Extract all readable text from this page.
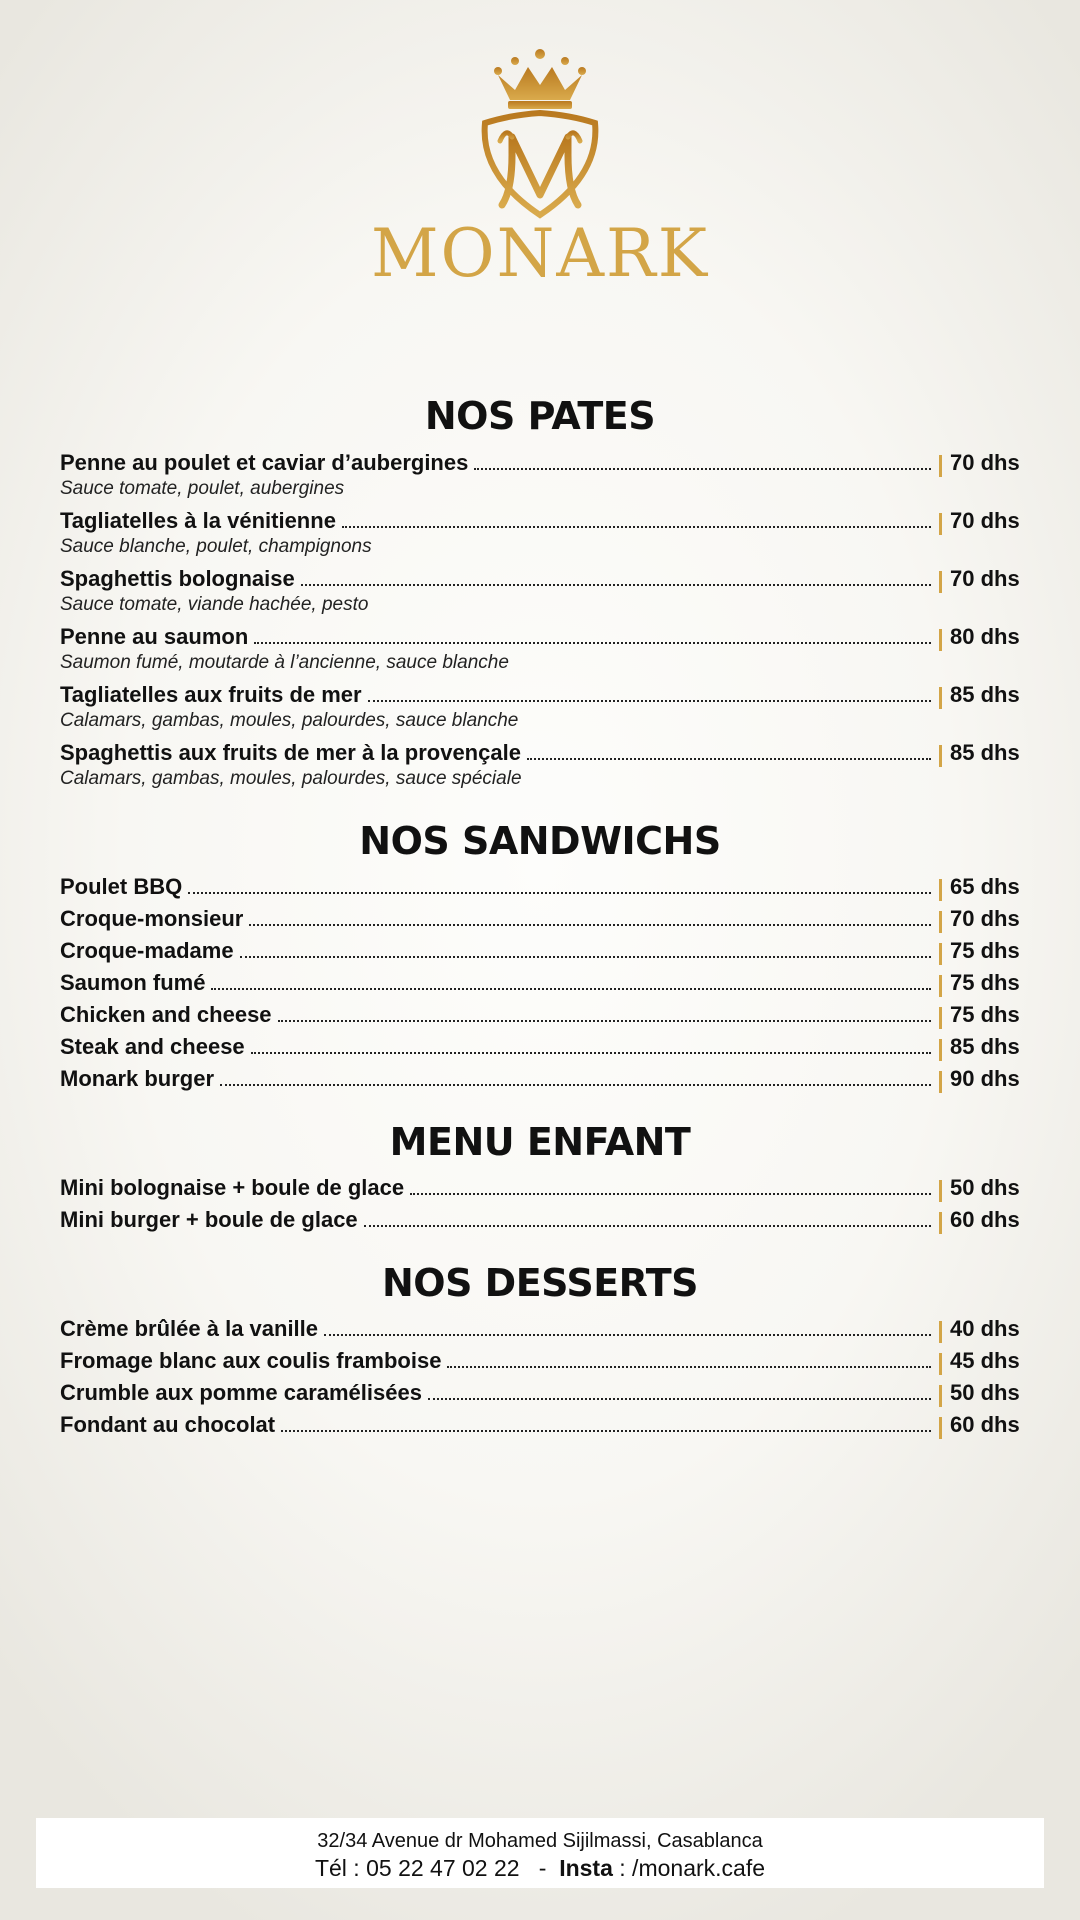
MONARK
NOS PATES
Penne au poulet et caviar d’aubergines	70 dhs
Sauce tomate, poulet, aubergines
Tagliatelles à la vénitienne	70 dhs
Sauce blanche, poulet, champignons
Spaghettis bolognaise	70 dhs
Sauce tomate, viande hachée, pesto
Penne au saumon	80 dhs
Saumon fumé, moutarde à l’ancienne, sauce blanche
Tagliatelles aux fruits de mer	85 dhs
Calamars, gambas, moules, palourdes, sauce blanche
Spaghettis aux fruits de mer à la provençale	85 dhs
Calamars, gambas, moules, palourdes, sauce spéciale
NOS SANDWICHS
Poulet BBQ	65 dhs
Croque-monsieur	70 dhs
Croque-madame	75 dhs
Saumon fumé	75 dhs
Chicken and cheese	75 dhs
Steak and cheese	85 dhs
Monark burger	90 dhs
MENU ENFANT
Mini bolognaise + boule de glace	50 dhs
Mini burger + boule de glace	60 dhs
NOS DESSERTS
Crème brûlée à la vanille	40 dhs
Fromage blanc aux coulis framboise	45 dhs
Crumble aux pomme caramélisées	50 dhs
Fondant au chocolat	60 dhs
32/34 Avenue dr Mohamed Sijilmassi, Casablanca
Tél : 05 22 47 02 22 - Insta : /monark.cafe
